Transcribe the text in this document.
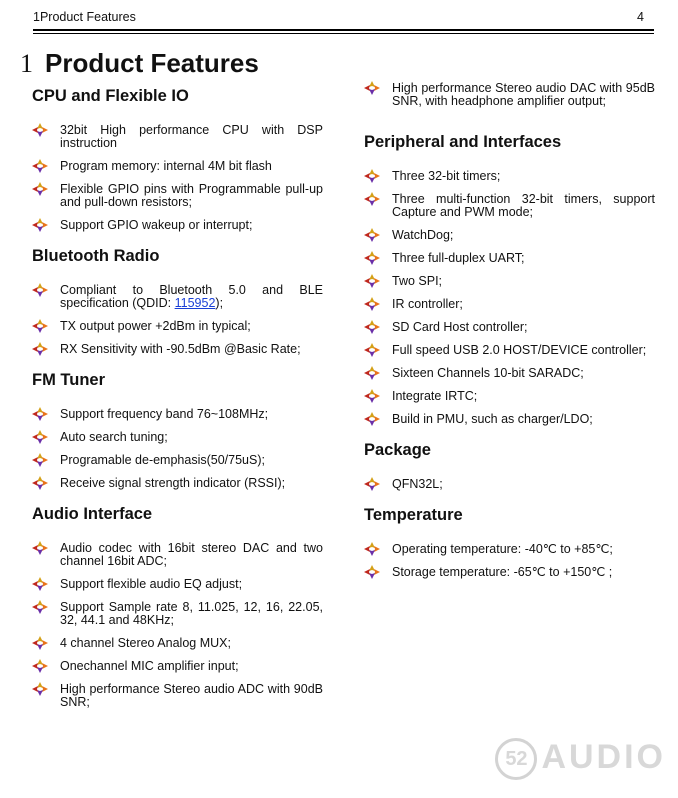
1Product Features	4
1 Product Features
CPU and Flexible IO
32bit High performance CPU with DSP instruction
Program memory: internal 4M bit flash
Flexible GPIO pins with Programmable pull-up and pull-down resistors;
Support GPIO wakeup or interrupt;
Bluetooth Radio
Compliant to Bluetooth 5.0 and BLE specification (QDID: 115952);
TX output power +2dBm in typical;
RX Sensitivity with -90.5dBm @Basic Rate;
FM Tuner
Support frequency band 76~108MHz;
Auto search tuning;
Programable de-emphasis(50/75uS);
Receive signal strength indicator (RSSI);
Audio Interface
Audio codec with 16bit stereo DAC and two channel 16bit ADC;
Support flexible audio EQ adjust;
Support Sample rate 8, 11.025, 12, 16, 22.05, 32, 44.1 and 48KHz;
4 channel Stereo Analog MUX;
Onechannel MIC amplifier input;
High performance Stereo audio ADC with 90dB SNR;
High performance Stereo audio DAC with 95dB SNR, with headphone amplifier output;
Peripheral and Interfaces
Three 32-bit timers;
Three multi-function 32-bit timers, support Capture and PWM mode;
WatchDog;
Three full-duplex UART;
Two SPI;
IR controller;
SD Card Host controller;
Full speed USB 2.0 HOST/DEVICE controller;
Sixteen Channels 10-bit SARADC;
Integrate IRTC;
Build in PMU, such as charger/LDO;
Package
QFN32L;
Temperature
Operating temperature: -40℃ to +85℃;
Storage temperature: -65℃ to +150℃ ;
52 AUDIO
